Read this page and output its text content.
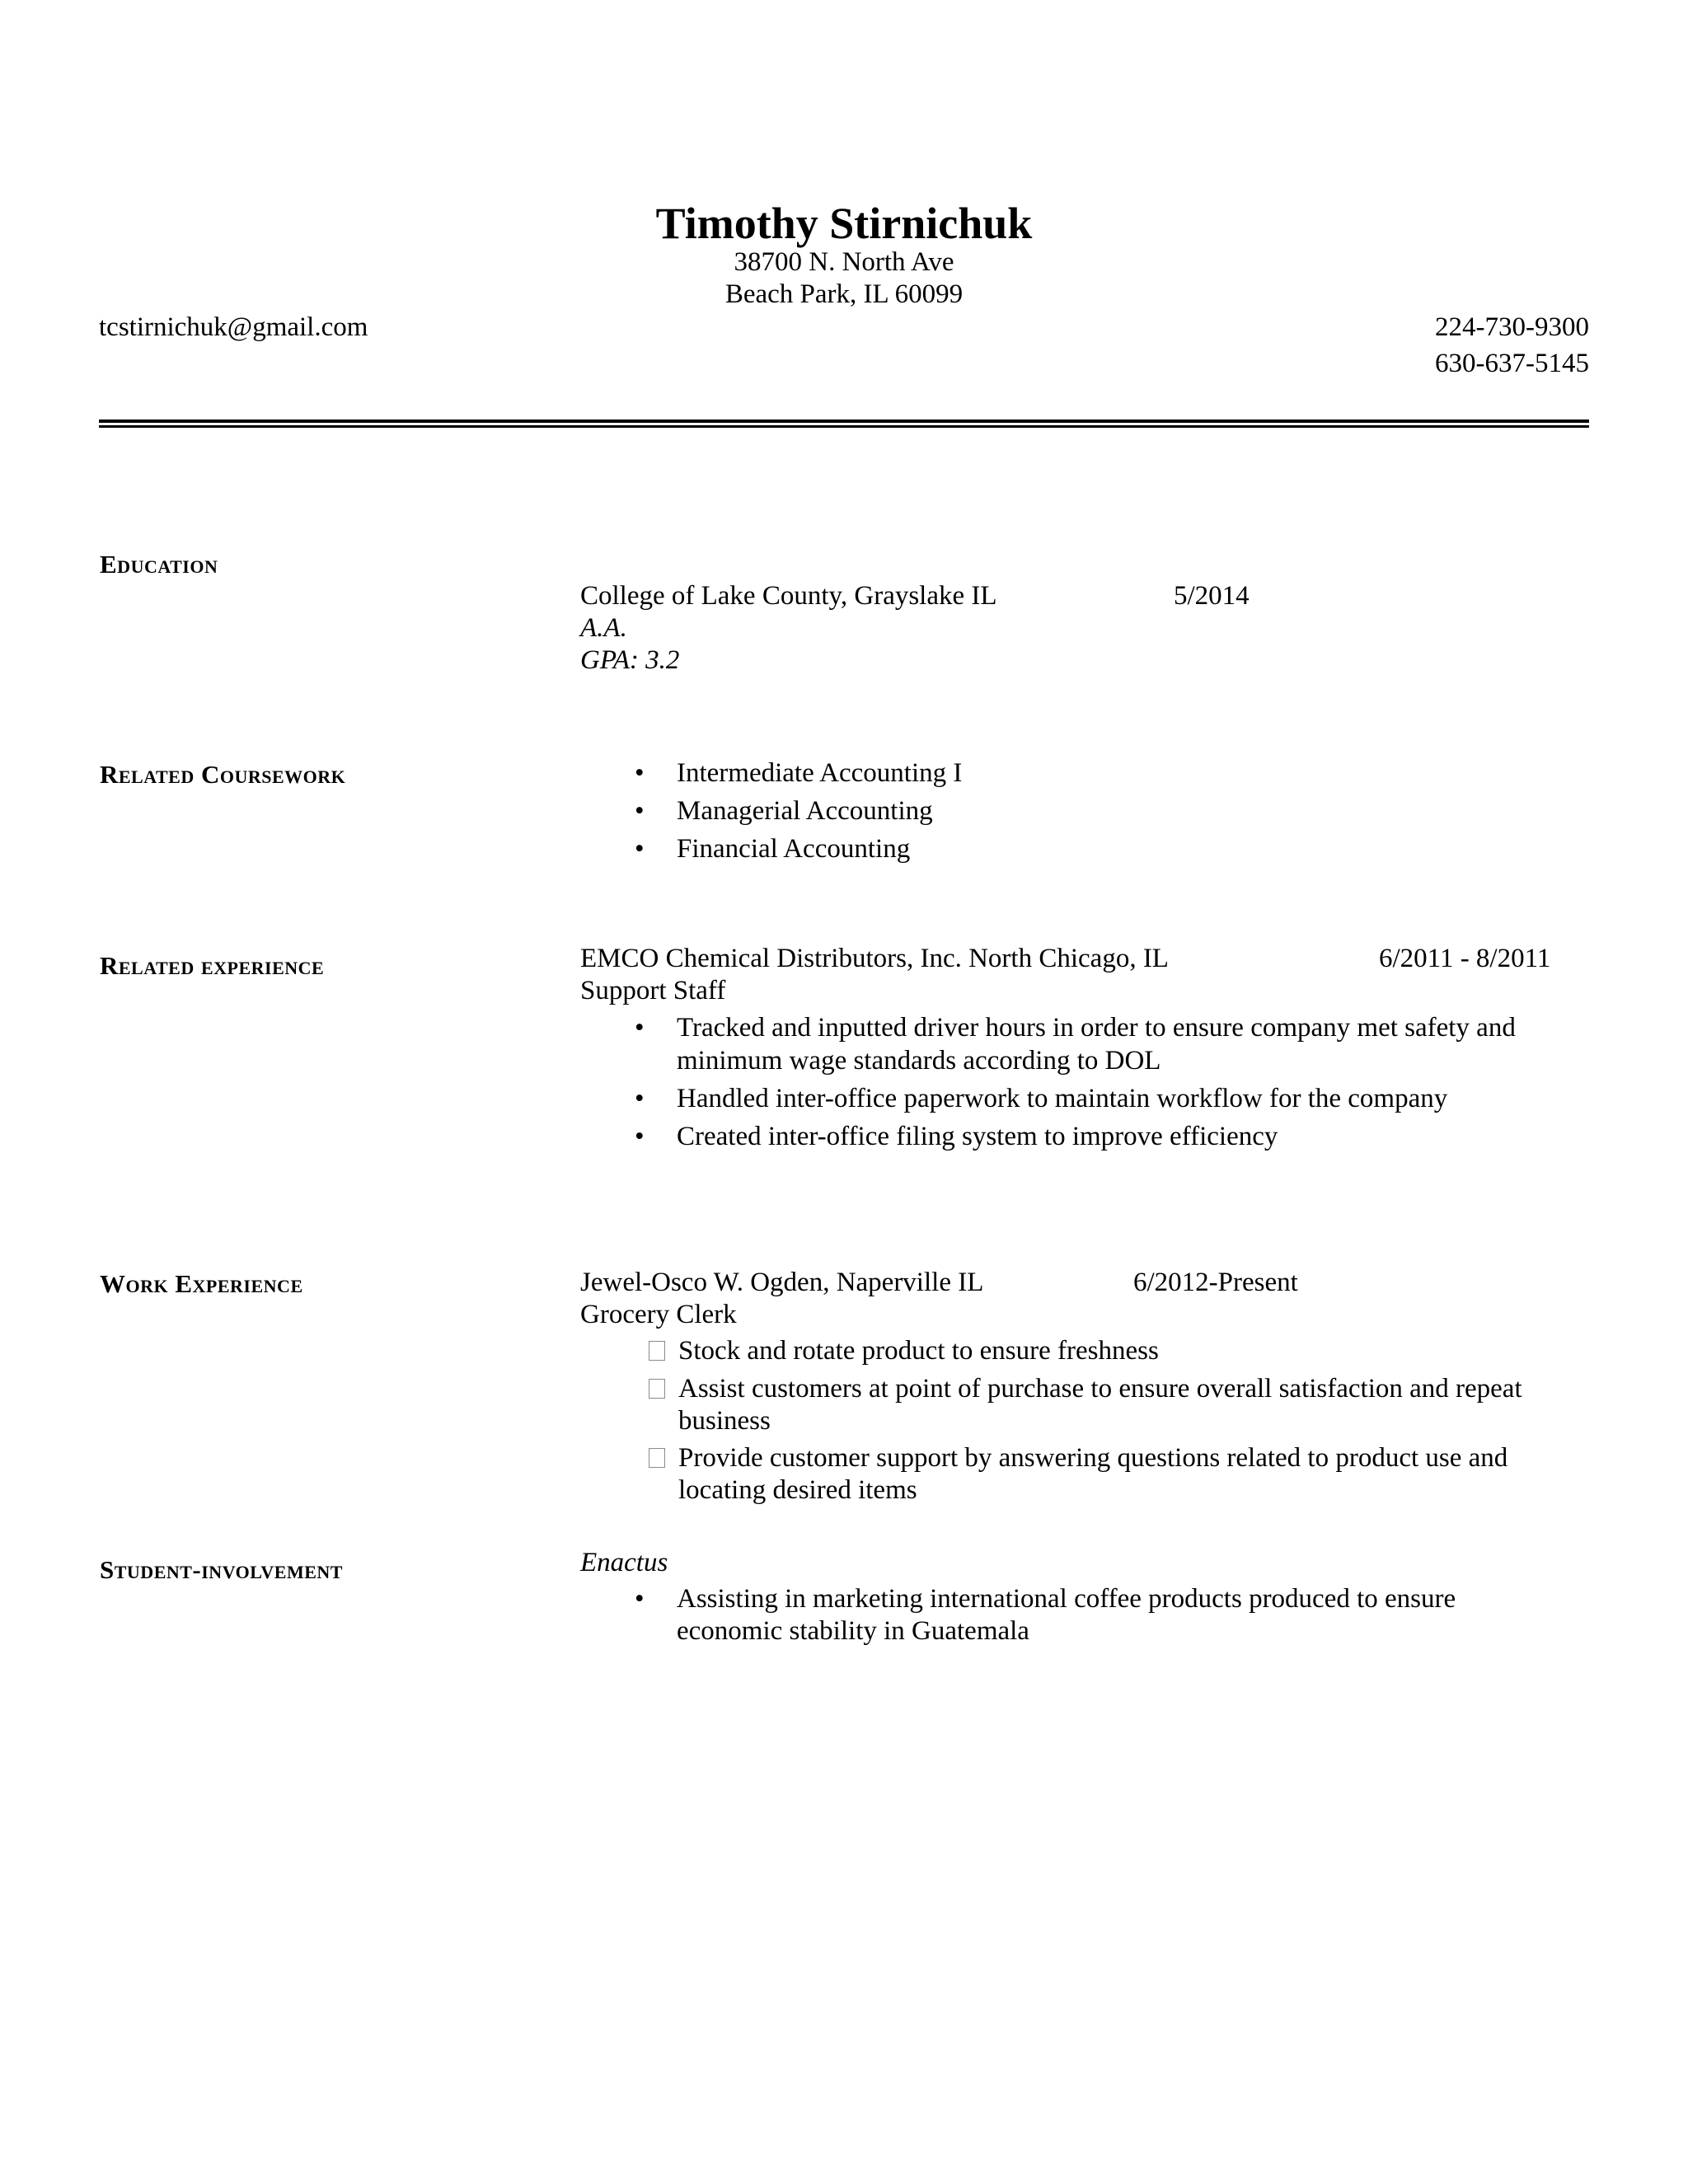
Timothy Stirnichuk
38700 N. North Ave
Beach Park, IL 60099
tcstirnichuk@gmail.com	224-730-9300
630-637-5145
Education
College of Lake County, Grayslake IL	5/2014
A.A.
GPA: 3.2
Related Coursework	• Intermediate Accounting I
• Managerial Accounting
• Financial Accounting
Related experience	EMCO Chemical Distributors, Inc. North Chicago, IL	6/2011 - 8/2011
Support Staff
• Tracked and inputted driver hours in order to ensure company met safety and
minimum wage standards according to DOL
• Handled inter-office paperwork to maintain workflow for the company
• Created inter-office filing system to improve efficiency
Work Experience	Jewel-Osco W. Ogden, Naperville IL	6/2012-Present
Grocery Clerk
Stock and rotate product to ensure freshness
Assist customers at point of purchase to ensure overall satisfaction and repeat
business
Provide customer support by answering questions related to product use and
locating desired items
Student-involvement	Enactus
• Assisting in marketing international coffee products produced to ensure
economic stability in Guatemala
